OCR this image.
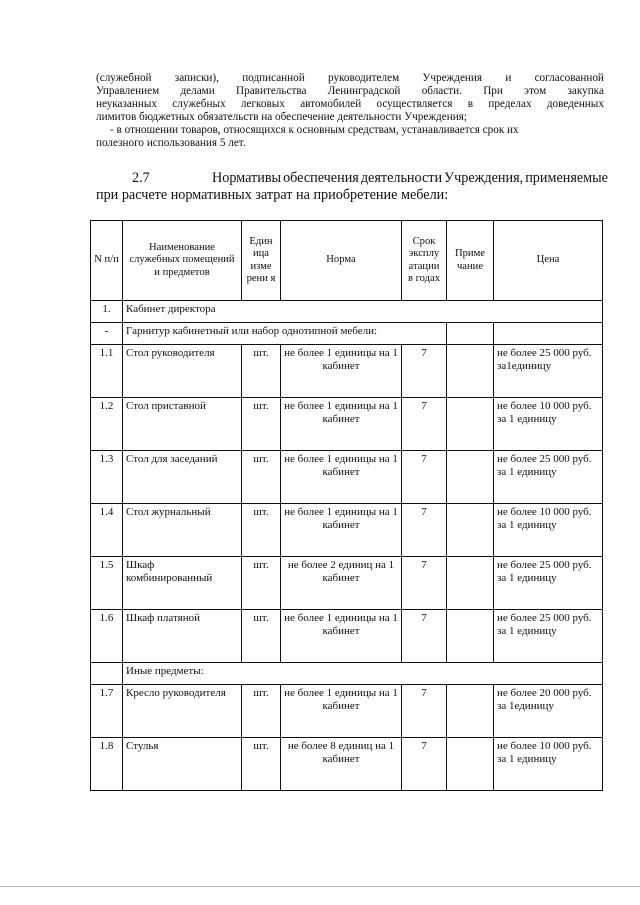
(служебной записки), подписанной руководителем Учреждения и согласованной
Управлением делами Правительства Ленинградской области. При этом закупка
неуказанных служебных легковых автомобилей осуществляется в пределах доведенных
лимитов бюджетных обязательств на обеспечение деятельности Учреждения;
- в отношении товаров, относящихся к основным средствам, устанавливается срок их
полезного использования 5 лет.
2.7	Нормативы обеспечения деятельности Учреждения, применяемые
при расчете нормативных затрат на приобретение мебели:
N п/п	Наименование служебных помещений и предметов	Един ица изме рени я	Норма	Срок эксплу атации в годах	Приме чание	Цена
1.	Кабинет директора					
-	Гарнитур кабинетный или набор однотипной мебели:					
1.1	Стол руководителя	шт.	не более 1 единицы на 1 кабинет	7		не более 25 000 руб. за1единицу
1.2	Стол приставной	шт.	не более 1 единицы на 1 кабинет	7		не более 10 000 руб. за 1 единицу
1.3	Стол для заседаний	шт.	не более 1 единицы на 1 кабинет	7		не более 25 000 руб. за 1 единицу
1.4	Стол журнальный	шт.	не более 1 единицы на 1 кабинет	7		не более 10 000 руб. за 1 единицу
1.5	Шкаф комбинированный	шт.	не более 2 единиц на 1 кабинет	7		не более 25 000 руб. за 1 единицу
1.6	Шкаф платяной	шт.	не более 1 единицы на 1 кабинет	7		не более 25 000 руб. за 1 единицу
	Иные предметы:					
1.7	Кресло руководителя	шт.	не более 1 единицы на 1 кабинет	7		не более 20 000 руб. за 1единицу
1.8	Стулья	шт.	не более 8 единиц на 1 кабинет	7		не более 10 000 руб. за 1 единицу
